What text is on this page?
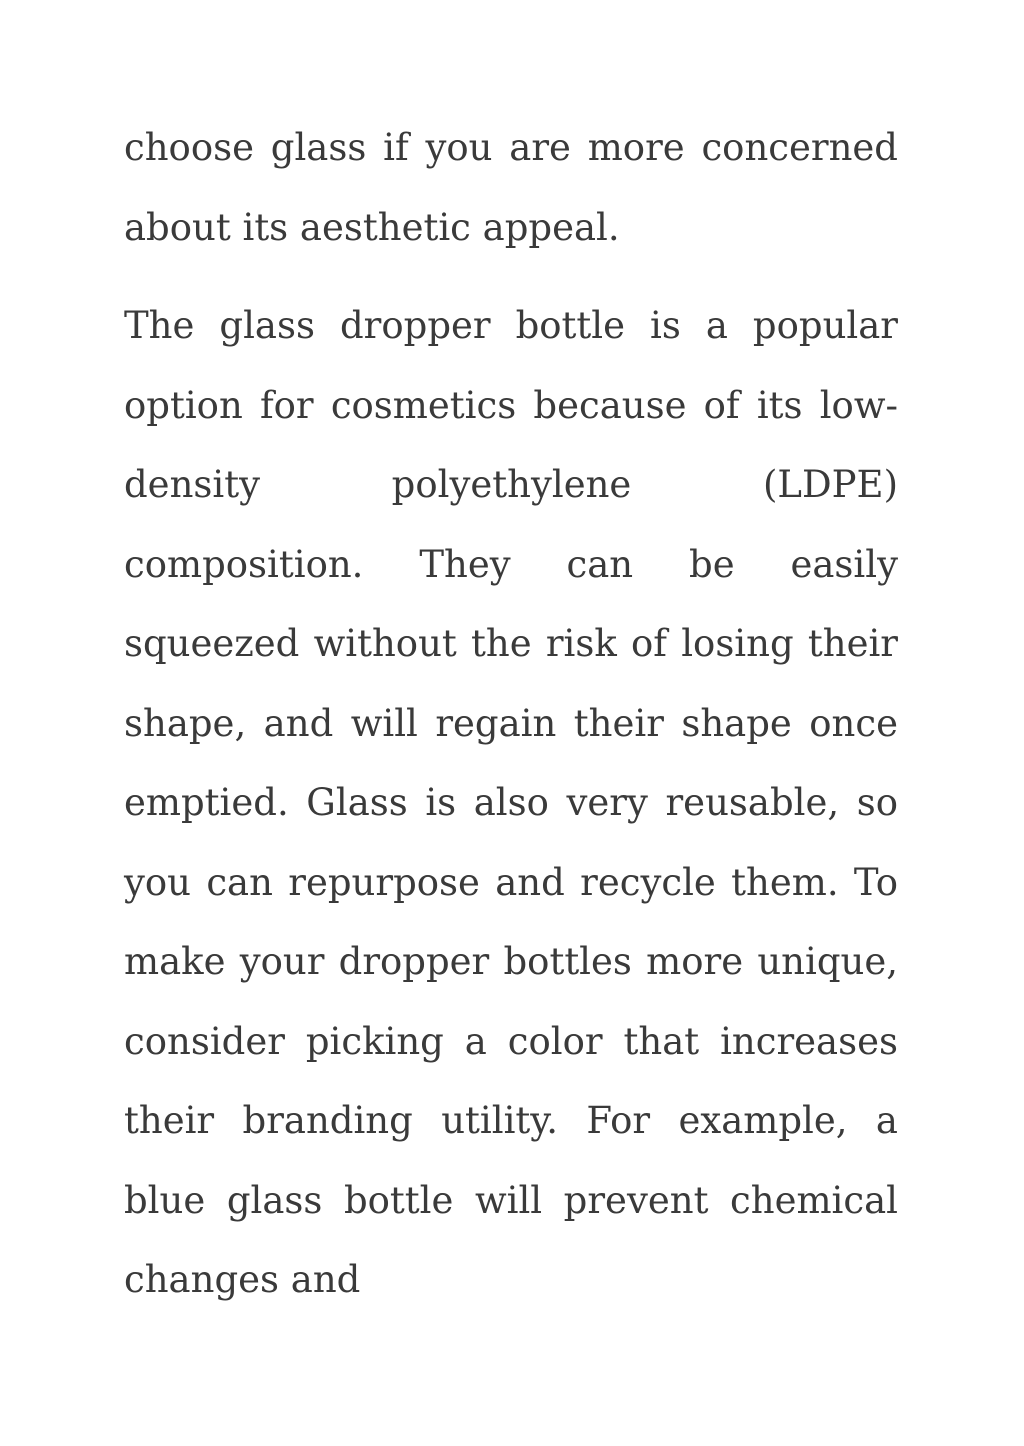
choose glass if you are more concerned about its aesthetic appeal.

The glass dropper bottle is a popular option for cosmetics because of its low-density polyethylene (LDPE) composition. They can be easily squeezed without the risk of losing their shape, and will regain their shape once emptied. Glass is also very reusable, so you can repurpose and recycle them. To make your dropper bottles more unique, consider picking a color that increases their branding utility. For example, a blue glass bottle will prevent chemical changes and
